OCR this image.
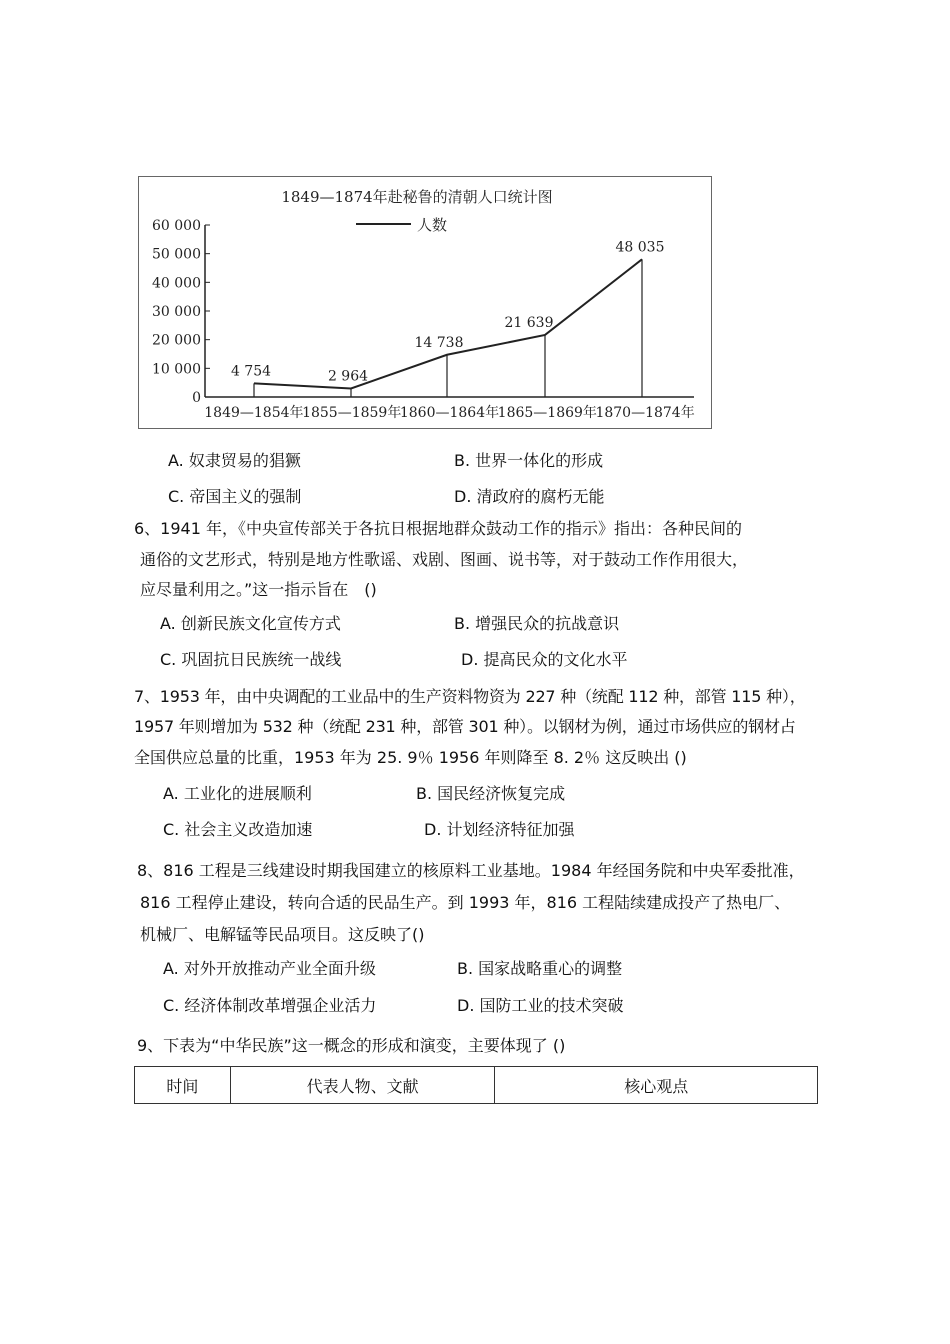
1849—1874年赴秘鲁的清朝人口统计图
人数
0
10 000
20 000
30 000
40 000
50 000
60 000
1849—1854年
1855—1859年
1860—1864年
1865—1869年
1870—1874年
4 754	2 964
14 738
21 639
48 035
A. 奴隶贸易的猖獗	B. 世界一体化的形成
C. 帝国主义的强制	D. 清政府的腐朽无能
6、1941 年，《中央宣传部关于各抗日根据地群众鼓动工作的指示》指出：各种民间的
通俗的文艺形式，特别是地方性歌谣、戏剧、图画、说书等，对于鼓动工作作用很大，
应尽量利用之。”这一指示旨在　()
A. 创新民族文化宣传方式	B. 增强民众的抗战意识
C. 巩固抗日民族统一战线	D. 提高民众的文化水平
7、1953 年，由中央调配的工业品中的生产资料物资为 227 种（统配 112 种，部管 115 种），
1957 年则增加为 532 种（统配 231 种，部管 301 种）。以钢材为例，通过市场供应的钢材占
全国供应总量的比重，1953 年为 25. 9％ 1956 年则降至 8. 2％ 这反映出 ()
A. 工业化的进展顺利	B. 国民经济恢复完成
C. 社会主义改造加速	D. 计划经济特征加强
8、816 工程是三线建设时期我国建立的核原料工业基地。1984 年经国务院和中央军委批准，
816 工程停止建设，转向合适的民品生产。到 1993 年，816 工程陆续建成投产了热电厂、
机械厂、电解锰等民品项目。这反映了()
A. 对外开放推动产业全面升级	B. 国家战略重心的调整
C. 经济体制改革增强企业活力	D. 国防工业的技术突破
9、下表为“中华民族”这一概念的形成和演变，主要体现了 ()
时间	代表人物、文献	核心观点
